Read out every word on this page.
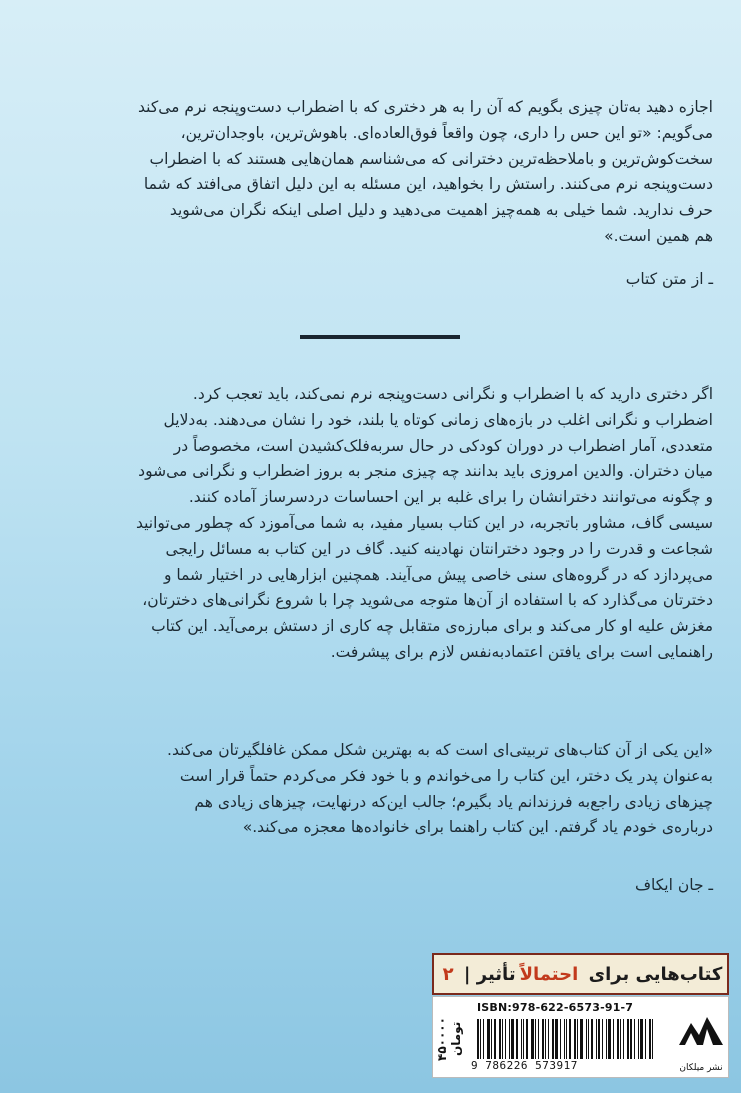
اجازه دهید به‌تان چیزی بگویم که آن را به هر دختری که با اضطراب دست‌وپنجه نرم می‌کند
می‌گویم: «تو این حس را داری، چون واقعاً فوق‌العاده‌ای. باهوش‌ترین، باوجدان‌ترین،
سخت‌کوش‌ترین و باملاحظه‌ترین دخترانی که می‌شناسم همان‌هایی هستند که با اضطراب
دست‌وپنجه نرم می‌کنند. راستش را بخواهید، این مسئله به این دلیل اتفاق می‌افتد که شما
حرف ندارید. شما خیلی به همه‌چیز اهمیت می‌دهید و دلیل اصلی اینکه نگران می‌شوید
هم همین است.»
ـ از متن کتاب
اگر دختری دارید که با اضطراب و نگرانی دست‌وپنجه نرم نمی‌کند، باید تعجب کرد.
اضطراب و نگرانی اغلب در بازه‌های زمانی کوتاه یا بلند، خود را نشان می‌دهند. به‌دلایل
متعددی، آمار اضطراب در دوران کودکی در حال سربه‌فلک‌کشیدن است، مخصوصاً در
میان دختران. والدین امروزی باید بدانند چه چیزی منجر به بروز اضطراب و نگرانی می‌شود
و چگونه می‌توانند دخترانشان را برای غلبه بر این احساسات دردسرساز آماده کنند.
سیسی گاف، مشاور باتجربه، در این کتاب بسیار مفید، به شما می‌آموزد که چطور می‌توانید
شجاعت و قدرت را در وجود دخترانتان نهادینه کنید. گاف در این کتاب به مسائل رایجی
می‌پردازد که در گروه‌های سنی خاصی پیش می‌آیند. همچنین ابزارهایی در اختیار شما و
دخترتان می‌گذارد که با استفاده از آن‌ها متوجه می‌شوید چرا با شروع نگرانی‌های دخترتان،
مغزش علیه او کار می‌کند و برای مبارزه‌ی متقابل چه کاری از دستش برمی‌آید. این کتاب
راهنمایی است برای یافتن اعتمادبه‌نفس لازم برای پیشرفت.
«این یکی از آن کتاب‌های تربیتی‌ای است که به بهترین شکل ممکن غافلگیرتان می‌کند.
به‌عنوان پدر یک دختر، این کتاب را می‌خواندم و با خود فکر می‌کردم حتماً قرار است
چیزهای زیادی راجع‌به فرزندانم یاد بگیرم؛ جالب این‌که درنهایت، چیزهای زیادی هم
درباره‌ی خودم یاد گرفتم. این کتاب راهنما برای خانواده‌ها معجزه می‌کند.»
ـ جان ایکاف
کتاب‌هایی برای

احتمالاً
تأثیر
|
۲
۴۵۰۰۰۰ تومان
ISBN:978-622-6573-91-7
9 786226 573917	نشر میلکان
